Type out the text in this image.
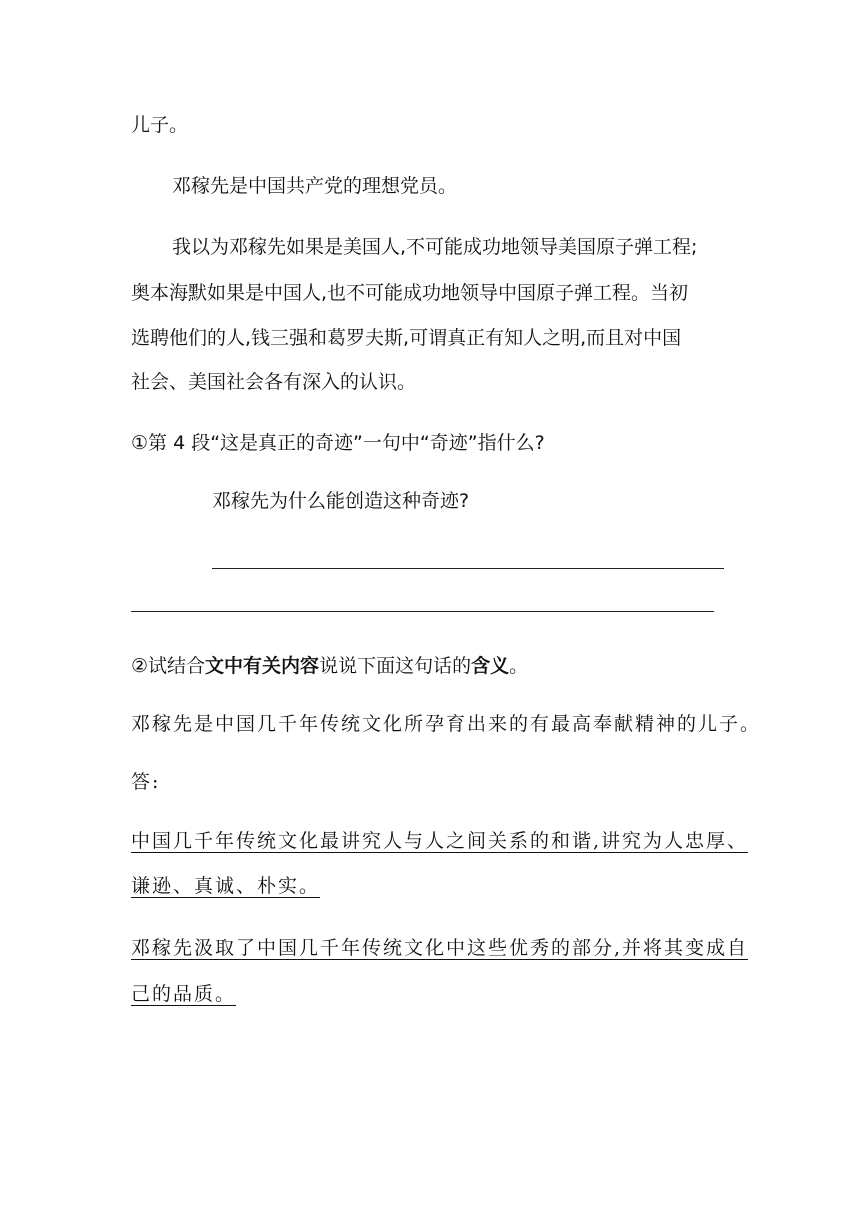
儿子。
邓稼先是中国共产党的理想党员。
我以为邓稼先如果是美国人,不可能成功地领导美国原子弹工程;
奥本海默如果是中国人,也不可能成功地领导中国原子弹工程。当初
选聘他们的人,钱三强和葛罗夫斯,可谓真正有知人之明,而且对中国
社会、美国社会各有深入的认识。
①第 4 段“这是真正的奇迹”一句中“奇迹”指什么?
邓稼先为什么能创造这种奇迹?
②试结合文中有关内容说说下面这句话的含义。
邓稼先是中国几千年传统文化所孕育出来的有最高奉献精神的儿子。
答:
中国几千年传统文化最讲究人与人之间关系的和谐,讲究为人忠厚、
谦逊、真诚、朴实。
邓稼先汲取了中国几千年传统文化中这些优秀的部分,并将其变成自
己的品质。
